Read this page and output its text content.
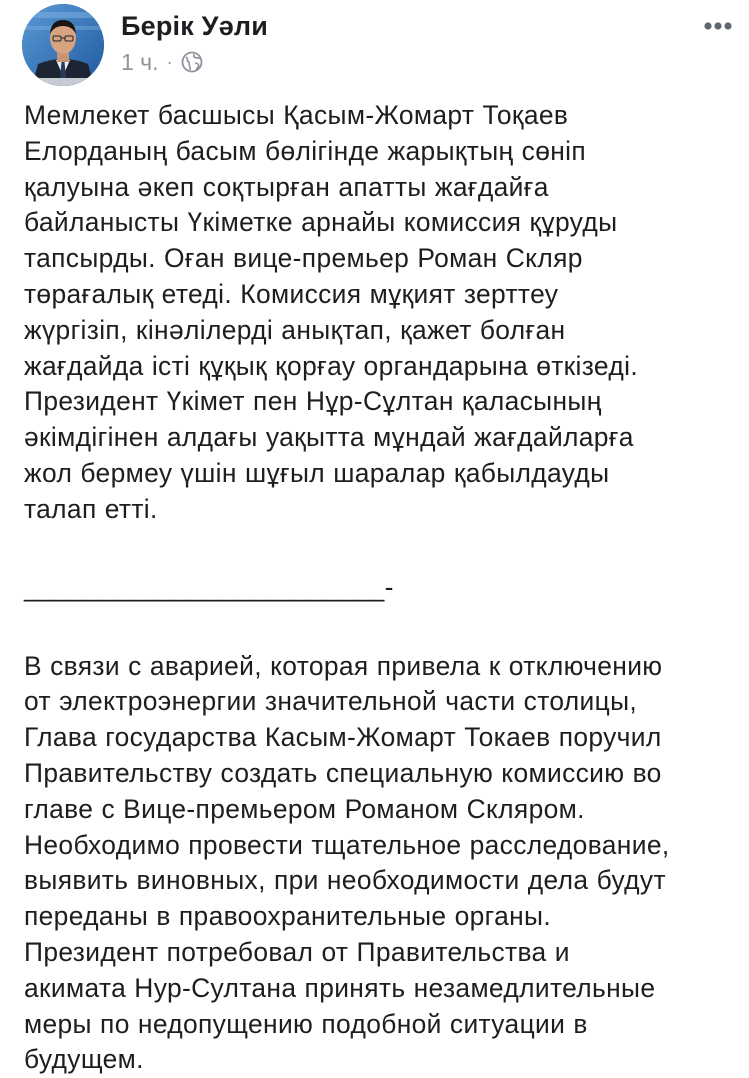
Берік Уәли
1 ч. ·

Мемлекет басшысы Қасым-Жомарт Тоқаев
Елорданың басым бөлігінде жарықтың сөніп
қалуына әкеп соқтырған апатты жағдайға
байланысты Үкіметке арнайы комиссия құруды
тапсырды. Оған вице-премьер Роман Скляр
төрағалық етеді. Комиссия мұқият зерттеу
жүргізіп, кінәлілерді анықтап, қажет болған
жағдайда істі құқық қорғау органдарына өткізеді.
Президент Үкімет пен Нұр-Сұлтан қаласының
әкімдігінен алдағы уақытта мұндай жағдайларға
жол бермеу үшін шұғыл шаралар қабылдауды
талап етті.

________________________-

В связи с аварией, которая привела к отключению
от электроэнергии значительной части столицы,
Глава государства Касым-Жомарт Токаев поручил
Правительству создать специальную комиссию во
главе с Вице-премьером Романом Скляром.
Необходимо провести тщательное расследование,
выявить виновных, при необходимости дела будут
переданы в правоохранительные органы.
Президент потребовал от Правительства и
акимата Нур-Султана принять незамедлительные
меры по недопущению подобной ситуации в
будущем.
